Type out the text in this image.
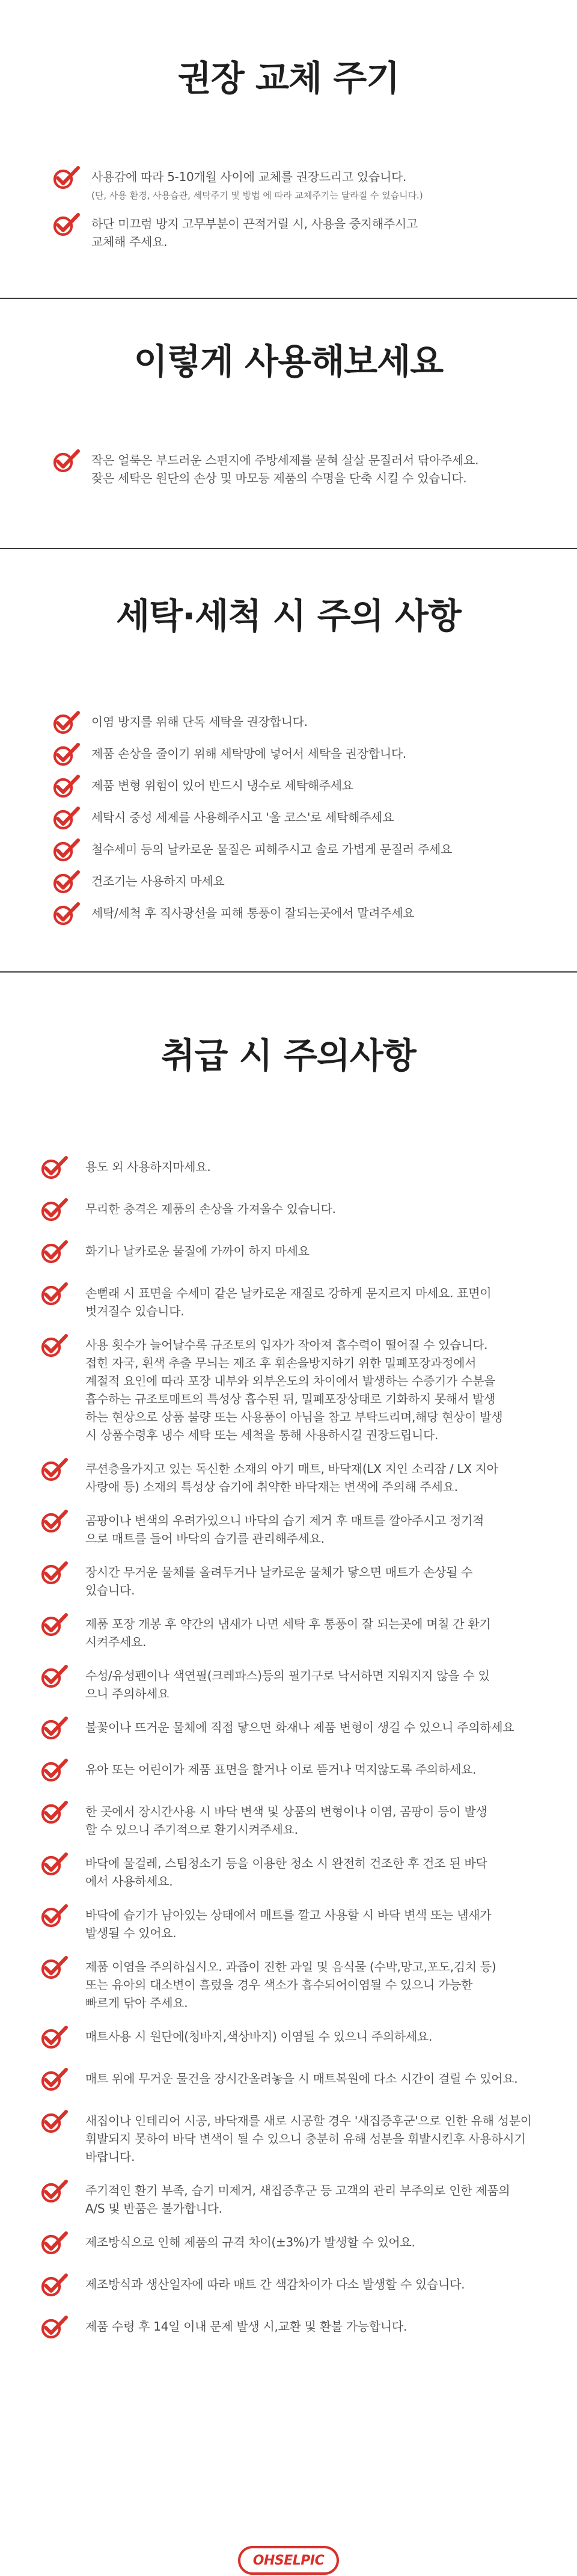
권장 교체 주기
사용감에 따라 5-10개월 사이에 교체를 권장드리고 있습니다.
(단, 사용 환경, 사용습관, 세탁주기 및 방법 에 따라 교체주기는 달라질 수 있습니다.)
하단 미끄럼 방지 고무부분이 끈적거릴 시, 사용을 중지해주시고
교체해 주세요.
이렇게 사용해보세요
작은 얼룩은 부드러운 스펀지에 주방세제를 묻혀 살살 문질러서 닦아주세요.
잦은 세탁은 원단의 손상 및 마모등 제품의 수명을 단축 시킬 수 있습니다.
세탁·세척 시 주의 사항
이염 방지를 위해 단독 세탁을 권장합니다.
제품 손상을 줄이기 위해 세탁망에 넣어서 세탁을 권장합니다.
제품 변형 위험이 있어 반드시 냉수로 세탁해주세요
세탁시 중성 세제를 사용해주시고 '울 코스'로 세탁해주세요
철수세미 등의 날카로운 물질은 피해주시고 솔로 가볍게 문질러 주세요
건조기는 사용하지 마세요
세탁/세척 후 직사광선을 피해 통풍이 잘되는곳에서 말려주세요
취급 시 주의사항
용도 외 사용하지마세요.
무리한 충격은 제품의 손상을 가져올수 있습니다.
화기나 날카로운 물질에 가까이 하지 마세요
손뻗래 시 표면을 수세미 같은 날카로운 재질로 강하게 문지르지 마세요. 표면이
벗겨질수 있습니다.
사용 횟수가 늘어날수록 규조토의 입자가 작아져 흡수력이 떨어질 수 있습니다.
접힌 자국, 흰색 추출 무늬는 제조 후 휘손을방지하기 위한 밀폐포장과정에서
계절적 요인에 따라 포장 내부와 외부온도의 차이에서 발생하는 수증기가 수분을
흡수하는 규조토매트의 특성상 흡수된 뒤, 밀폐포장상태로 기화하지 못해서 발생
하는 현상으로 상품 불량 또는 사용품이 아님을 참고 부탁드리며,해당 현상이 발생
시 상품수령후 냉수 세탁 또는 세척을 통해 사용하시길 권장드립니다.
쿠션층을가지고 있는 독신한 소재의 아기 매트, 바닥재(LX 지인 소리잠 / LX 지아
사랑애 등) 소재의 특성상 습기에 취약한 바닥재는 변색에 주의해 주세요.
곰팡이나 변색의 우려가있으니 바닥의 습기 제거 후 매트를 깔아주시고 정기적
으로 매트를 들어 바닥의 습기를 관리해주세요.
장시간 무거운 물체를 올려두거나 날카로운 물체가 닿으면 매트가 손상될 수
있습니다.
제품 포장 개봉 후 약간의 냄새가 나면 세탁 후 통풍이 잘 되는곳에 며칠 간 환기
시켜주세요.
수성/유성펜이나 색연필(크레파스)등의 필기구로 낙서하면 지워지지 않을 수 있
으니 주의하세요
불꽃이나 뜨거운 물체에 직접 닿으면 화재나 제품 변형이 생길 수 있으니 주의하세요
유아 또는 어린이가 제품 표면을 핥거나 이로 뜯거나 먹지않도록 주의하세요.
한 곳에서 장시간사용 시 바닥 변색 및 상품의 변형이나 이염, 곰팡이 등이 발생
할 수 있으니 주기적으로 환기시켜주세요.
바닥에 물걸레, 스팀청소기 등을 이용한 청소 시 완전히 건조한 후 건조 된 바닥
에서 사용하세요.
바닥에 습기가 남아있는 상태에서 매트를 깔고 사용할 시 바닥 변색 또는 냄새가
발생될 수 있어요.
제품 이염을 주의하십시오. 과즙이 진한 과일 및 음식물 (수박,망고,포도,김치 등)
또는 유아의 대소변이 흘렀을 경우 색소가 흡수되어이염될 수 있으니 가능한
빠르게 닦아 주세요.
매트사용 시 원단에(청바지,색상바지) 이염될 수 있으니 주의하세요.
매트 위에 무거운 물건을 장시간올려놓을 시 매트복원에 다소 시간이 걸릴 수 있어요.
새집이나 인테리어 시공, 바닥재를 새로 시공할 경우 '새집증후군'으로 인한 유해 성분이
휘발되지 못하여 바닥 변색이 될 수 있으니 충분히 유해 성분을 휘발시킨후 사용하시기
바랍니다.
주기적인 환기 부족, 습기 미제거, 새집증후군 등 고객의 관리 부주의로 인한 제품의
A/S 및 반품은 불가합니다.
제조방식으로 인해 제품의 규격 차이(±3%)가 발생할 수 있어요.
제조방식과 생산일자에 따라 매트 간 색감차이가 다소 발생할 수 있습니다.
제품 수령 후 14일 이내 문제 발생 시,교환 및 환불 가능합니다.
OHSELPIC
